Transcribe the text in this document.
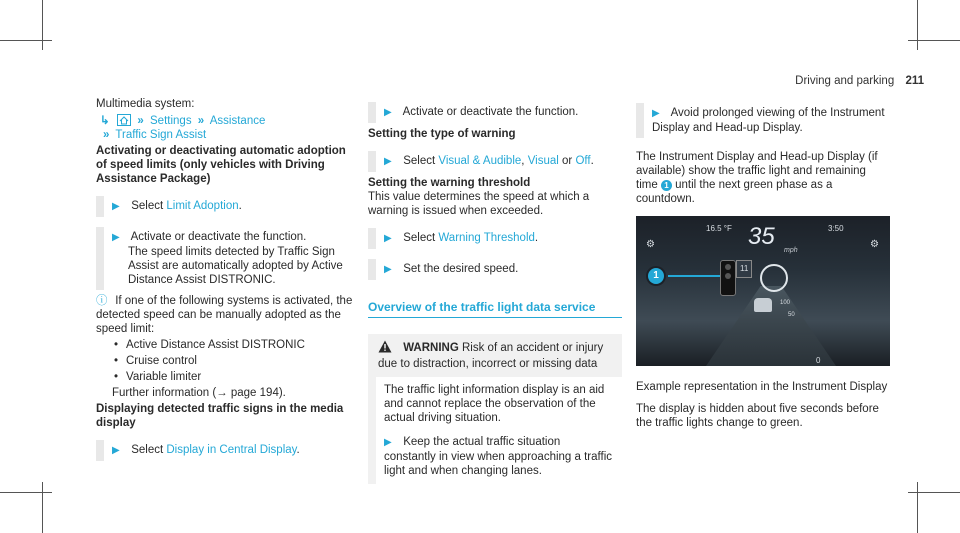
Driving and parking 211

Multimedia system:

↳ » Settings » Assistance
» Traffic Sign Assist

Activating or deactivating automatic adoption of speed limits (only vehicles with Driving Assistance Package)

▶ Select Limit Adoption.
▶ Activate or deactivate the function.
The speed limits detected by Traffic Sign Assist are automatically adopted by Active Distance Assist DISTRONIC.
ⓘ If one of the following systems is activated, the detected speed can be manually adopted as the speed limit:
• Active Distance Assist DISTRONIC
• Cruise control
• Variable limiter

Further information (→ page 194).

Displaying detected traffic signs in the media display

▶ Select Display in Central Display.
▶ Activate or deactivate the function.

Setting the type of warning

▶ Select Visual & Audible, Visual or Off.

Setting the warning threshold

This value determines the speed at which a warning is issued when exceeded.

▶ Select Warning Threshold.
▶ Set the desired speed.
Overview of the traffic light data service
WARNING Risk of an accident or injury due to distraction, incorrect or missing data

The traffic light information display is an aid and cannot replace the observation of the actual driving situation.

▶ Keep the actual traffic situation constantly in view when approaching a traffic light and when changing lanes.
▶ Avoid prolonged viewing of the Instrument Display and Head-up Display.

The Instrument Display and Head-up Display (if available) show the traffic light and remaining time 1 until the next green phase as a countdown.

16.5 °F	3:50
35
mph
⚙	⚙
11
1
100
50
0

Example representation in the Instrument Display

The display is hidden about five seconds before the traffic lights change to green.
